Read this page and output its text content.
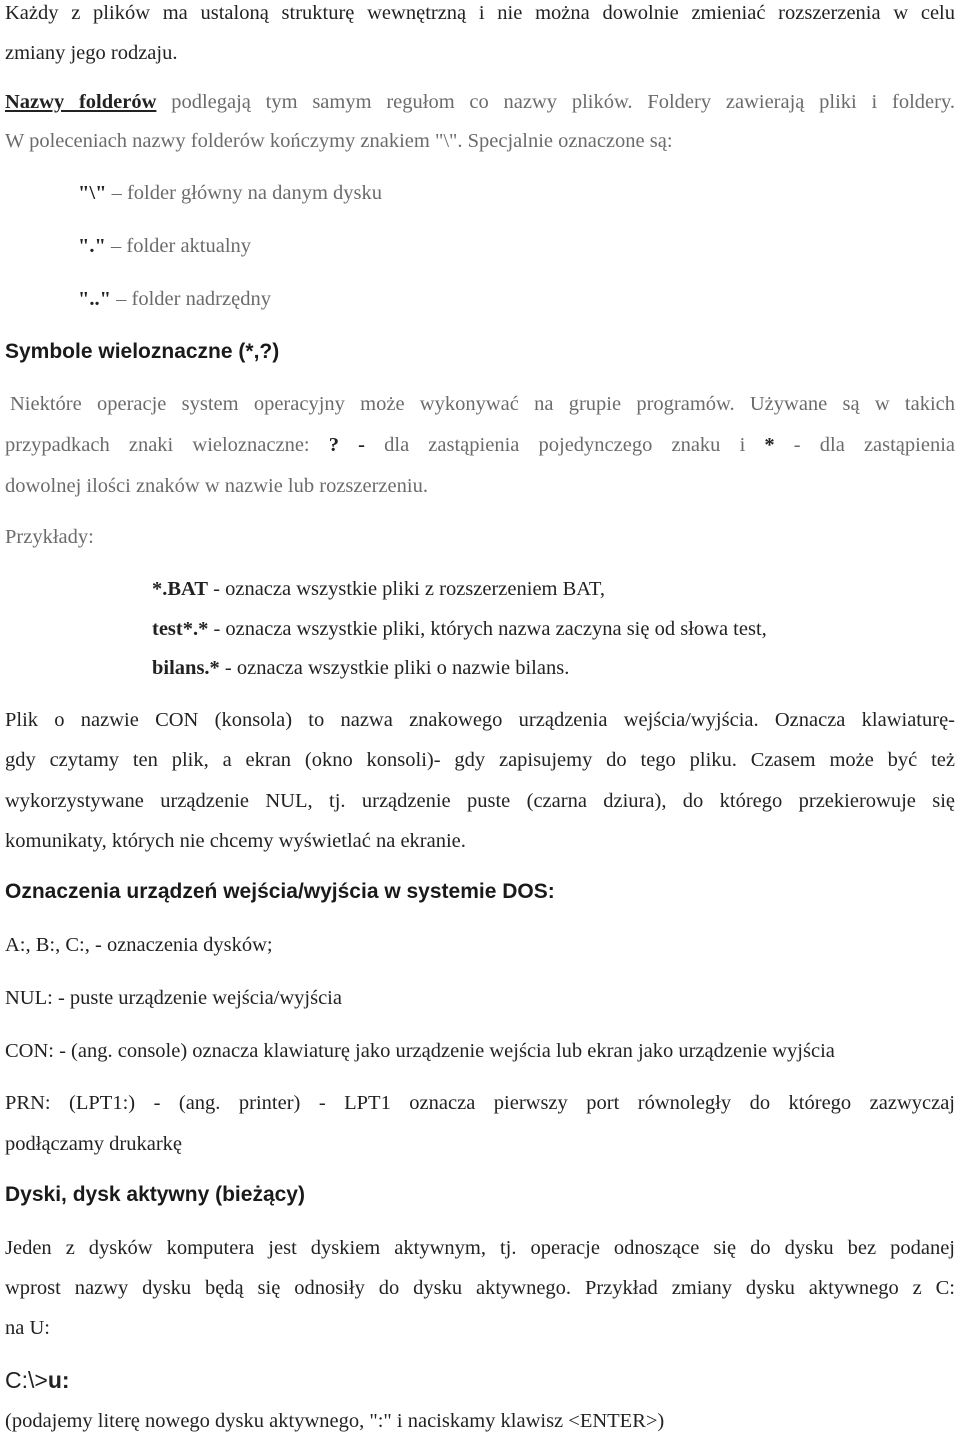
Każdy z plików ma ustaloną strukturę wewnętrzną i nie można dowolnie zmieniać rozszerzenia w celu
zmiany jego rodzaju.
Nazwy folderów podlegają tym samym regułom co nazwy plików. Foldery zawierają pliki i foldery.
W poleceniach nazwy folderów kończymy znakiem "\". Specjalnie oznaczone są:
"\" – folder główny na danym dysku
"." – folder aktualny
".." – folder nadrzędny
Symbole wieloznaczne (*,?)
Niektóre operacje system operacyjny może wykonywać na grupie programów. Używane są w takich
przypadkach znaki wieloznaczne: ? - dla zastąpienia pojedynczego znaku i * - dla zastąpienia
dowolnej ilości znaków w nazwie lub rozszerzeniu.
Przykłady:
*.BAT - oznacza wszystkie pliki z rozszerzeniem BAT,
test*.* - oznacza wszystkie pliki, których nazwa zaczyna się od słowa test,
bilans.* - oznacza wszystkie pliki o nazwie bilans.
Plik o nazwie CON (konsola) to nazwa znakowego urządzenia wejścia/wyjścia. Oznacza klawiaturę-
gdy czytamy ten plik, a ekran (okno konsoli)- gdy zapisujemy do tego pliku. Czasem może być też
wykorzystywane urządzenie NUL, tj. urządzenie puste (czarna dziura), do którego przekierowuje się
komunikaty, których nie chcemy wyświetlać na ekranie.
Oznaczenia urządzeń wejścia/wyjścia w systemie DOS:
A:, B:, C:, - oznaczenia dysków;
NUL: - puste urządzenie wejścia/wyjścia
CON: - (ang. console) oznacza klawiaturę jako urządzenie wejścia lub ekran jako urządzenie wyjścia
PRN: (LPT1:) - (ang. printer) - LPT1 oznacza pierwszy port równoległy do którego zazwyczaj
podłączamy drukarkę
Dyski, dysk aktywny (bieżący)
Jeden z dysków komputera jest dyskiem aktywnym, tj. operacje odnoszące się do dysku bez podanej
wprost nazwy dysku będą się odnosiły do dysku aktywnego. Przykład zmiany dysku aktywnego z C:
na U:
C:\>u:
(podajemy literę nowego dysku aktywnego, ":" i naciskamy klawisz <ENTER>)
